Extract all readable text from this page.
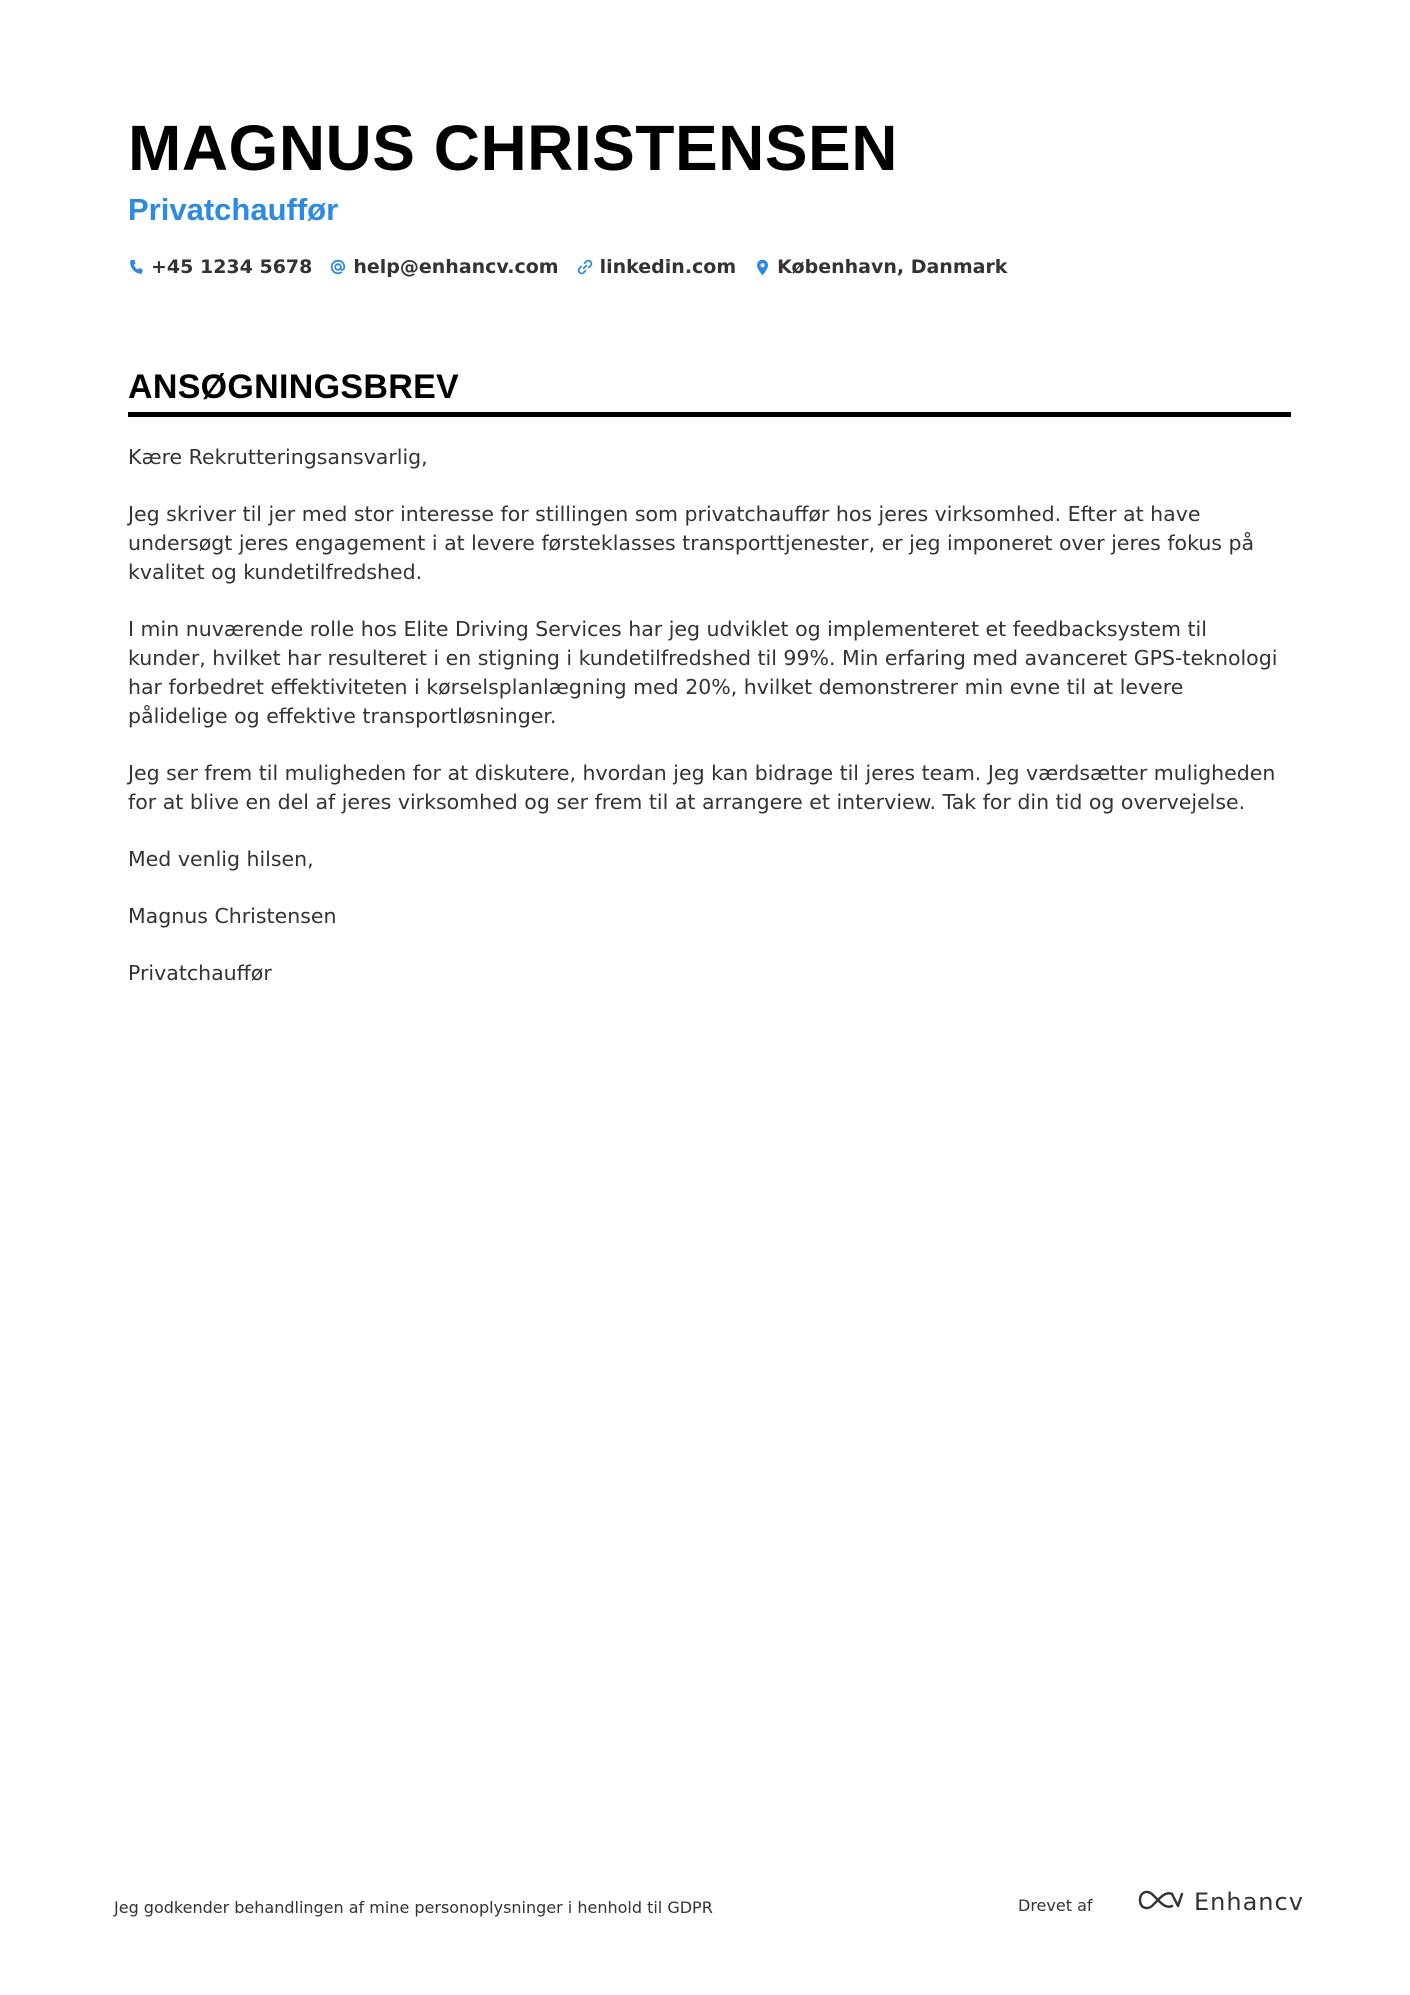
MAGNUS CHRISTENSEN
Privatchauffør
+45 1234 5678 help@enhancv.com linkedin.com København, Danmark
ANSØGNINGSBREV

Kære Rekrutteringsansvarlig,

Jeg skriver til jer med stor interesse for stillingen som privatchauffør hos jeres virksomhed. Efter at have undersøgt jeres engagement i at levere førsteklasses transporttjenester, er jeg imponeret over jeres fokus på kvalitet og kundetilfredshed.

I min nuværende rolle hos Elite Driving Services har jeg udviklet og implementeret et feedbacksystem til kunder, hvilket har resulteret i en stigning i kundetilfredshed til 99%. Min erfaring med avanceret GPS-teknologi har forbedret effektiviteten i kørselsplanlægning med 20%, hvilket demonstrerer min evne til at levere pålidelige og effektive transportløsninger.

Jeg ser frem til muligheden for at diskutere, hvordan jeg kan bidrage til jeres team. Jeg værdsætter muligheden for at blive en del af jeres virksomhed og ser frem til at arrangere et interview. Tak for din tid og overvejelse.

Med venlig hilsen,

Magnus Christensen

Privatchauffør

Jeg godkender behandlingen af mine personoplysninger i henhold til GDPR	Drevet af	Enhancv
